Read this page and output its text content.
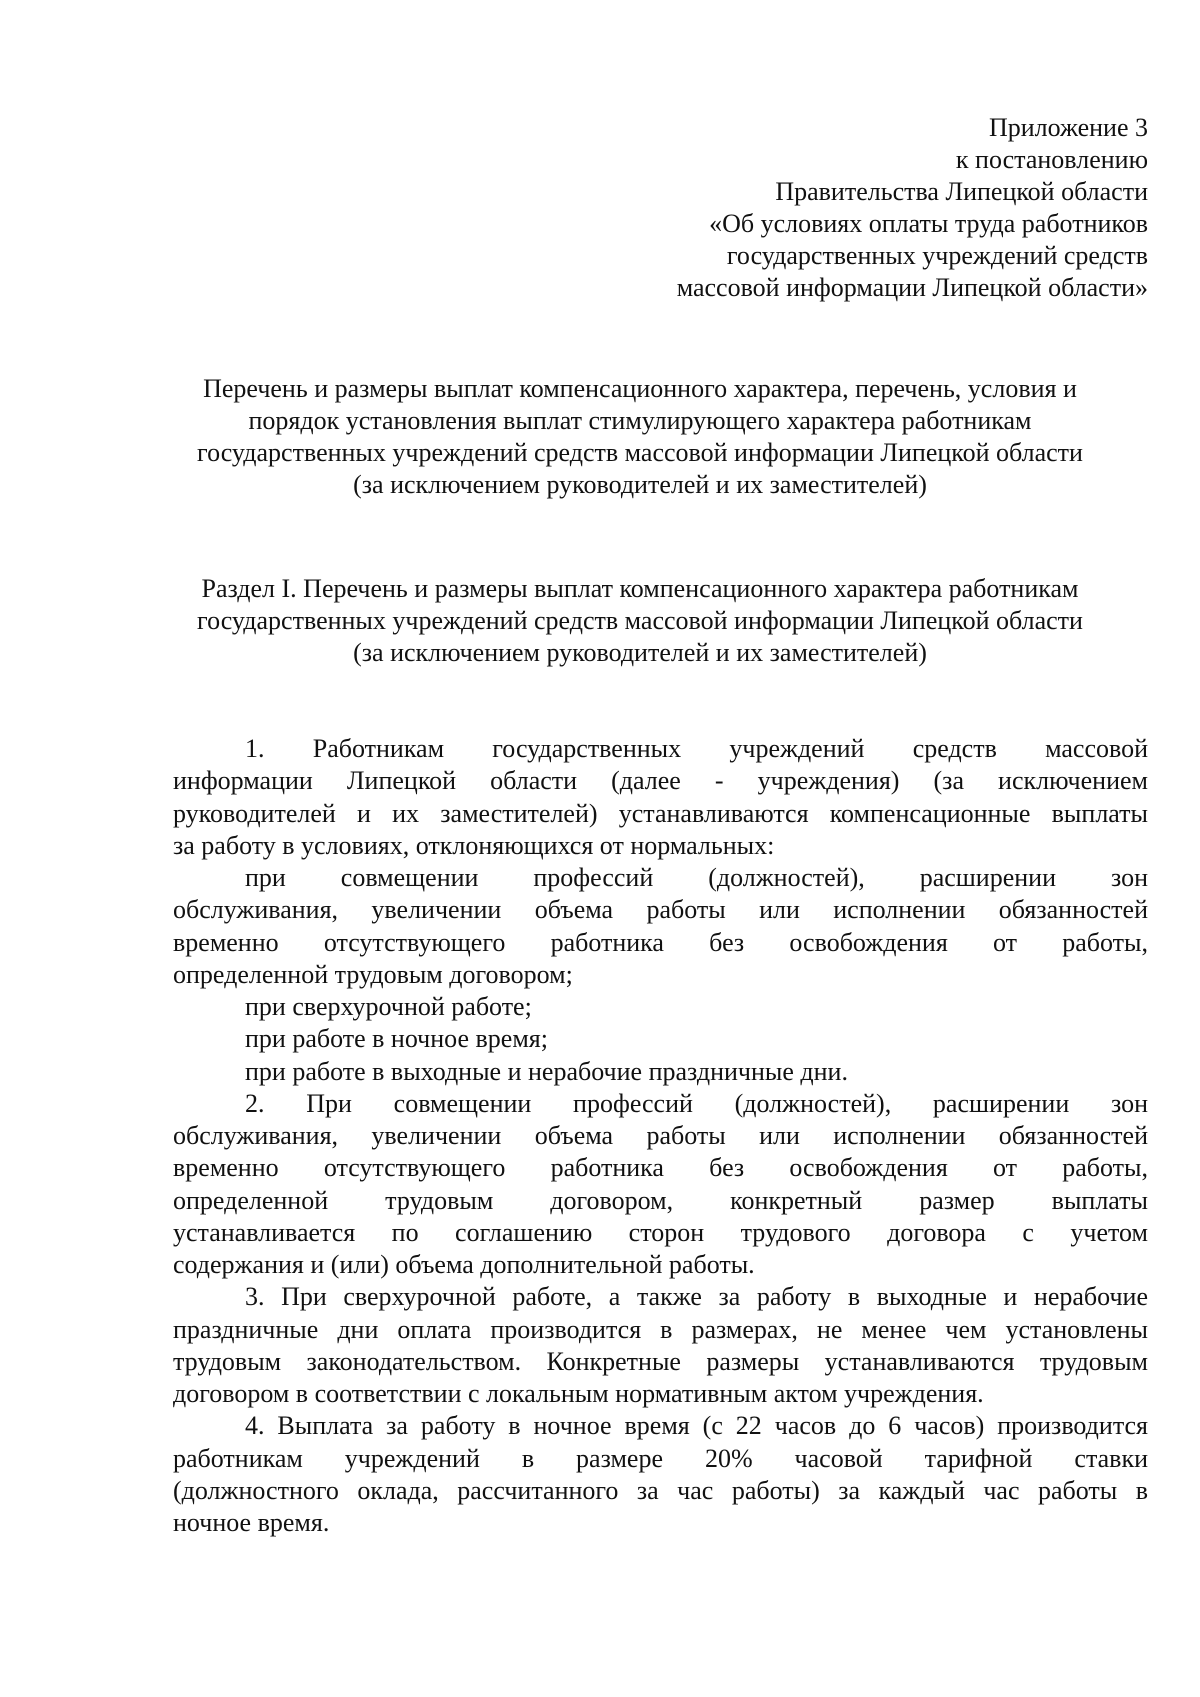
Приложение 3
к постановлению
Правительства Липецкой области
«Об условиях оплаты труда работников
государственных учреждений средств
массовой информации Липецкой области»
Перечень и размеры выплат компенсационного характера, перечень, условия и
порядок установления выплат стимулирующего характера работникам
государственных учреждений средств массовой информации Липецкой области
(за исключением руководителей и их заместителей)
Раздел I. Перечень и размеры выплат компенсационного характера работникам
государственных учреждений средств массовой информации Липецкой области
(за исключением руководителей и их заместителей)
1. Работникам государственных учреждений средств массовой
информации Липецкой области (далее - учреждения) (за исключением
руководителей и их заместителей) устанавливаются компенсационные выплаты
за работу в условиях, отклоняющихся от нормальных:
при совмещении профессий (должностей), расширении зон
обслуживания, увеличении объема работы или исполнении обязанностей
временно отсутствующего работника без освобождения от работы,
определенной трудовым договором;
при сверхурочной работе;
при работе в ночное время;
при работе в выходные и нерабочие праздничные дни.
2. При совмещении профессий (должностей), расширении зон
обслуживания, увеличении объема работы или исполнении обязанностей
временно отсутствующего работника без освобождения от работы,
определенной трудовым договором, конкретный размер выплаты
устанавливается по соглашению сторон трудового договора с учетом
содержания и (или) объема дополнительной работы.
3. При сверхурочной работе, а также за работу в выходные и нерабочие
праздничные дни оплата производится в размерах, не менее чем установлены
трудовым законодательством. Конкретные размеры устанавливаются трудовым
договором в соответствии с локальным нормативным актом учреждения.
4. Выплата за работу в ночное время (с 22 часов до 6 часов) производится
работникам учреждений в размере 20% часовой тарифной ставки
(должностного оклада, рассчитанного за час работы) за каждый час работы в
ночное время.
